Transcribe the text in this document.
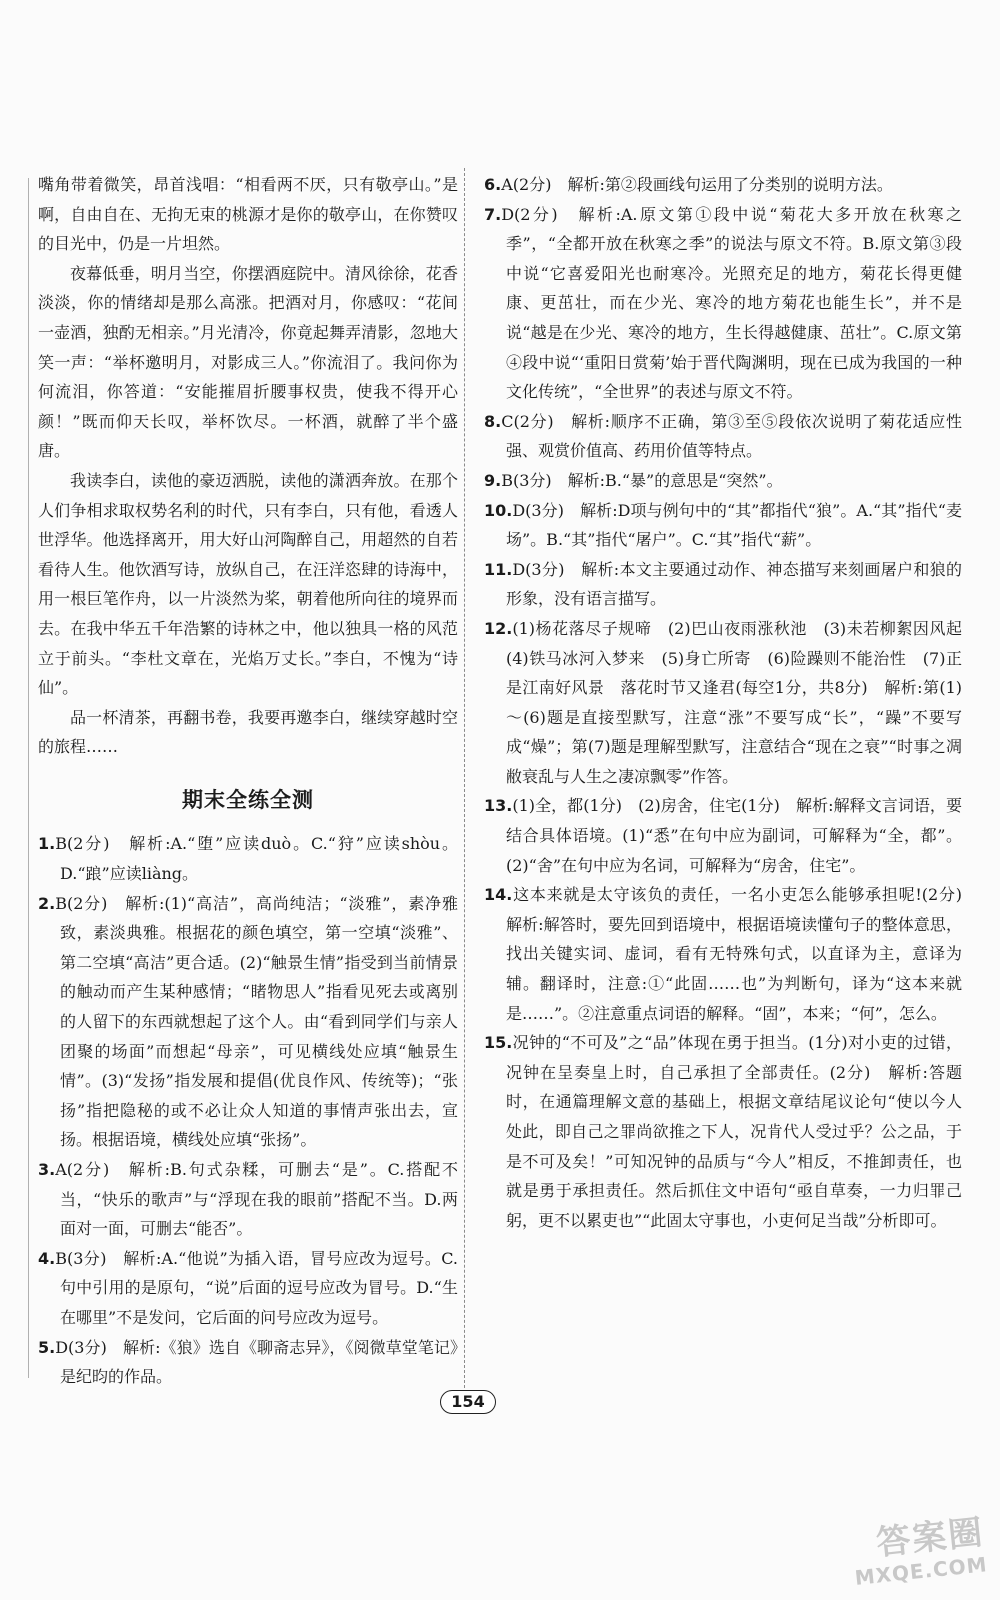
嘴角带着微笑，昂首浅唱：“相看两不厌，只有敬亭山。”是啊，自由自在、无拘无束的桃源才是你的敬亭山，在你赞叹的目光中，仍是一片坦然。

夜幕低垂，明月当空，你摆酒庭院中。清风徐徐，花香淡淡，你的情绪却是那么高涨。把酒对月，你感叹：“花间一壶酒，独酌无相亲。”月光清冷，你竟起舞弄清影，忽地大笑一声：“举杯邀明月，对影成三人。”你流泪了。我问你为何流泪，你答道：“安能摧眉折腰事权贵，使我不得开心颜！”既而仰天长叹，举杯饮尽。一杯酒，就醉了半个盛唐。

我读李白，读他的豪迈洒脱，读他的潇洒奔放。在那个人们争相求取权势名利的时代，只有李白，只有他，看透人世浮华。他选择离开，用大好山河陶醉自己，用超然的自若看待人生。他饮酒写诗，放纵自己，在汪洋恣肆的诗海中，用一根巨笔作舟，以一片淡然为桨，朝着他所向往的境界而去。在我中华五千年浩繁的诗林之中，他以独具一格的风范立于前头。“李杜文章在，光焰万丈长。”李白，不愧为“诗仙”。

品一杯清茶，再翻书卷，我要再邀李白，继续穿越时空的旅程……

期末全练全测
1.B(2分)　解析:A.“堕”应读duò。C.“狩”应读shòu。D.“踉”应读liàng。
2.B(2分)　解析:(1)“高洁”，高尚纯洁；“淡雅”，素净雅致，素淡典雅。根据花的颜色填空，第一空填“淡雅”、第二空填“高洁”更合适。(2)“触景生情”指受到当前情景的触动而产生某种感情；“睹物思人”指看见死去或离别的人留下的东西就想起了这个人。由“看到同学们与亲人团聚的场面”而想起“母亲”，可见横线处应填“触景生情”。(3)“发扬”指发展和提倡(优良作风、传统等)；“张扬”指把隐秘的或不必让众人知道的事情声张出去，宣扬。根据语境，横线处应填“张扬”。
3.A(2分)　解析:B.句式杂糅，可删去“是”。C.搭配不当，“快乐的歌声”与“浮现在我的眼前”搭配不当。D.两面对一面，可删去“能否”。
4.B(3分)　解析:A.“他说”为插入语，冒号应改为逗号。C.句中引用的是原句，“说”后面的逗号应改为冒号。D.“生在哪里”不是发问，它后面的问号应改为逗号。
5.D(3分)　解析:《狼》选自《聊斋志异》，《阅微草堂笔记》是纪昀的作品。
6.A(2分)　解析:第②段画线句运用了分类别的说明方法。
7.D(2分)　解析:A.原文第①段中说“菊花大多开放在秋寒之季”，“全都开放在秋寒之季”的说法与原文不符。B.原文第③段中说“它喜爱阳光也耐寒冷。光照充足的地方，菊花长得更健康、更茁壮，而在少光、寒冷的地方菊花也能生长”，并不是说“越是在少光、寒冷的地方，生长得越健康、茁壮”。C.原文第④段中说“‘重阳日赏菊’始于晋代陶渊明，现在已成为我国的一种文化传统”，“全世界”的表述与原文不符。
8.C(2分)　解析:顺序不正确，第③至⑤段依次说明了菊花适应性强、观赏价值高、药用价值等特点。
9.B(3分)　解析:B.“暴”的意思是“突然”。
10.D(3分)　解析:D项与例句中的“其”都指代“狼”。A.“其”指代“麦场”。B.“其”指代“屠户”。C.“其”指代“薪”。
11.D(3分)　解析:本文主要通过动作、神态描写来刻画屠户和狼的形象，没有语言描写。
12.(1)杨花落尽子规啼　(2)巴山夜雨涨秋池　(3)未若柳絮因风起　(4)铁马冰河入梦来　(5)身亡所寄　(6)险躁则不能治性　(7)正是江南好风景　落花时节又逢君(每空1分，共8分)　解析:第(1)～(6)题是直接型默写，注意“涨”不要写成“长”，“躁”不要写成“燥”；第(7)题是理解型默写，注意结合“现在之衰”“时事之凋敝衰乱与人生之凄凉飘零”作答。
13.(1)全，都(1分)　(2)房舍，住宅(1分)　解析:解释文言词语，要结合具体语境。(1)“悉”在句中应为副词，可解释为“全，都”。(2)“舍”在句中应为名词，可解释为“房舍，住宅”。
14.这本来就是太守该负的责任，一名小吏怎么能够承担呢!(2分)　解析:解答时，要先回到语境中，根据语境读懂句子的整体意思，找出关键实词、虚词，看有无特殊句式，以直译为主，意译为辅。翻译时，注意:①“此固……也”为判断句，译为“这本来就是……”。②注意重点词语的解释。“固”，本来；“何”，怎么。
15.况钟的“不可及”之“品”体现在勇于担当。(1分)对小吏的过错，况钟在呈奏皇上时，自己承担了全部责任。(2分)　解析:答题时，在通篇理解文意的基础上，根据文章结尾议论句“使以今人处此，即自己之罪尚欲推之下人，况肯代人受过乎？公之品，于是不可及矣！”可知况钟的品质与“今人”相反，不推卸责任，也就是勇于承担责任。然后抓住文中语句“亟自草奏，一力归罪己躬，更不以累吏也”“此固太守事也，小吏何足当哉”分析即可。
154
答案圈
MXQE.COM
